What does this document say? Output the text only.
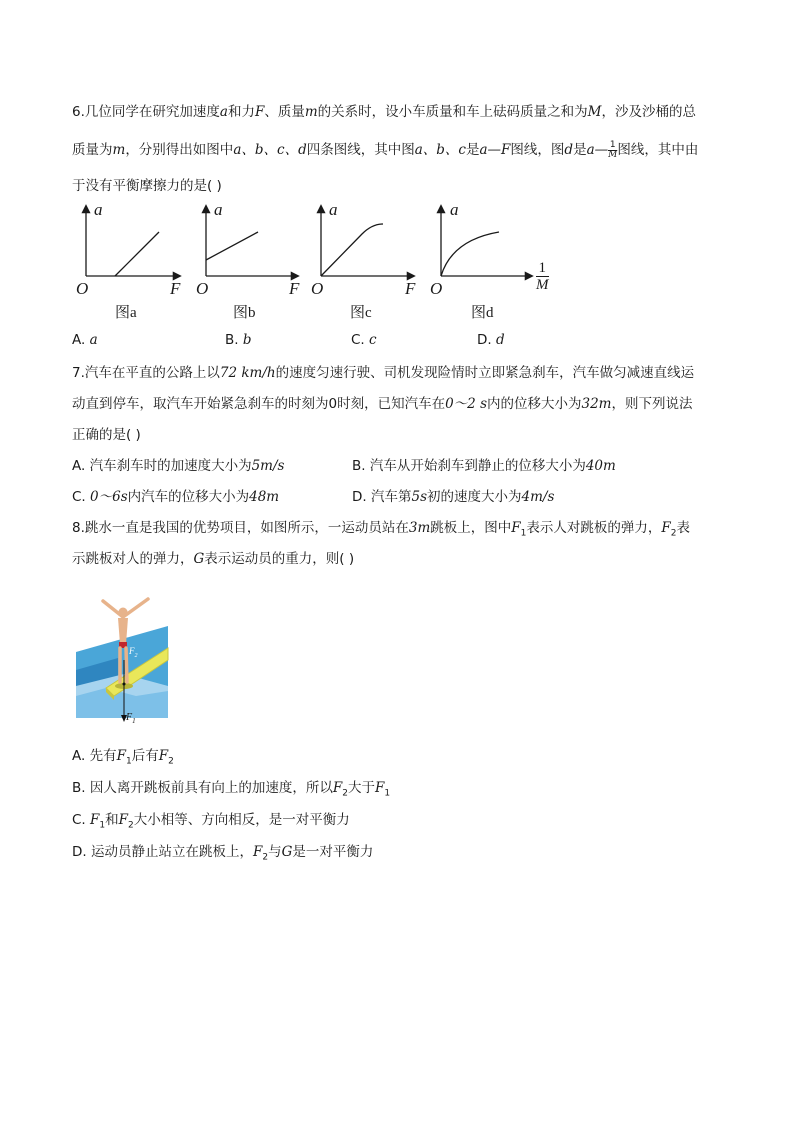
6.几位同学在研究加速度a和力F、质量m的关系时，设小车质量和车上砝码质量之和为M，沙及沙桶的总
质量为m，分别得出如图中a、b、c、d四条图线，其中图a、b、c是a—F图线，图d是a— $\frac{1}{M}$ 图线，其中由
于没有平衡摩擦力的是( )
a
O	F
图a
a
O	F
图b
a
O	F
图c
a
O
1
M
图d
A. a	B. b	C. c	D. d
7.汽车在平直的公路上以72 km/h的速度匀速行驶、司机发现险情时立即紧急刹车，汽车做匀减速直线运
动直到停车，取汽车开始紧急刹车的时刻为0时刻，已知汽车在0～2 s内的位移大小为32m，则下列说法
正确的是( )
A. 汽车刹车时的加速度大小为5m/s	B. 汽车从开始刹车到静止的位移大小为40m
C. 0～6s内汽车的位移大小为48m	D. 汽车第5s初的速度大小为4m/s
8.跳水一直是我国的优势项目，如图所示，一运动员站在3m跳板上，图中$F_1$表示人对跳板的弹力，$F_2$表
示跳板对人的弹力，G表示运动员的重力，则( )
$F_2$
$F_1$
A. 先有$F_1$后有$F_2$
B. 因人离开跳板前具有向上的加速度，所以$F_2$大于$F_1$
C. $F_1$和$F_2$大小相等、方向相反，是一对平衡力
D. 运动员静止站立在跳板上，$F_2$与G是一对平衡力
